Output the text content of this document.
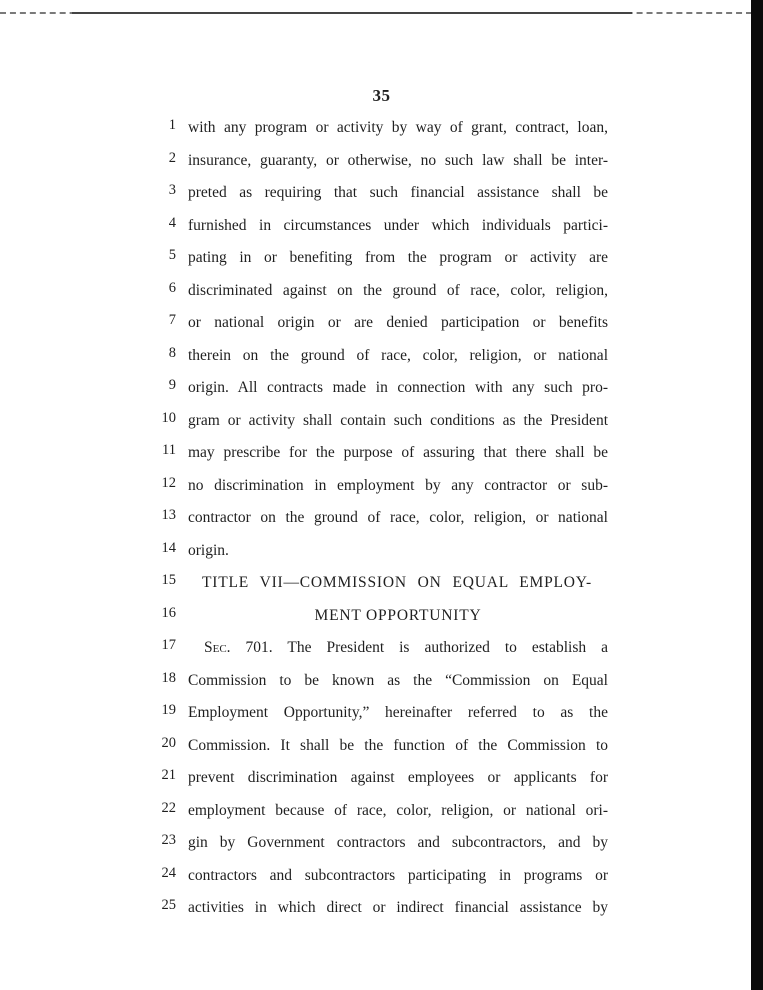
35
1 with any program or activity by way of grant, contract, loan,
2 insurance, guaranty, or otherwise, no such law shall be inter-
3 preted as requiring that such financial assistance shall be
4 furnished in circumstances under which individuals partici-
5 pating in or benefiting from the program or activity are
6 discriminated against on the ground of race, color, religion,
7 or national origin or are denied participation or benefits
8 therein on the ground of race, color, religion, or national
9 origin. All contracts made in connection with any such pro-
10 gram or activity shall contain such conditions as the President
11 may prescribe for the purpose of assuring that there shall be
12 no discrimination in employment by any contractor or sub-
13 contractor on the ground of race, color, religion, or national
14 origin.
15 TITLE VII—COMMISSION ON EQUAL EMPLOY-
16	MENT OPPORTUNITY
17 Sec. 701. The President is authorized to establish a
18 Commission to be known as the “Commission on Equal
19 Employment Opportunity,” hereinafter referred to as the
20 Commission. It shall be the function of the Commission to
21 prevent discrimination against employees or applicants for
22 employment because of race, color, religion, or national ori-
23 gin by Government contractors and subcontractors, and by
24 contractors and subcontractors participating in programs or
25 activities in which direct or indirect financial assistance by
